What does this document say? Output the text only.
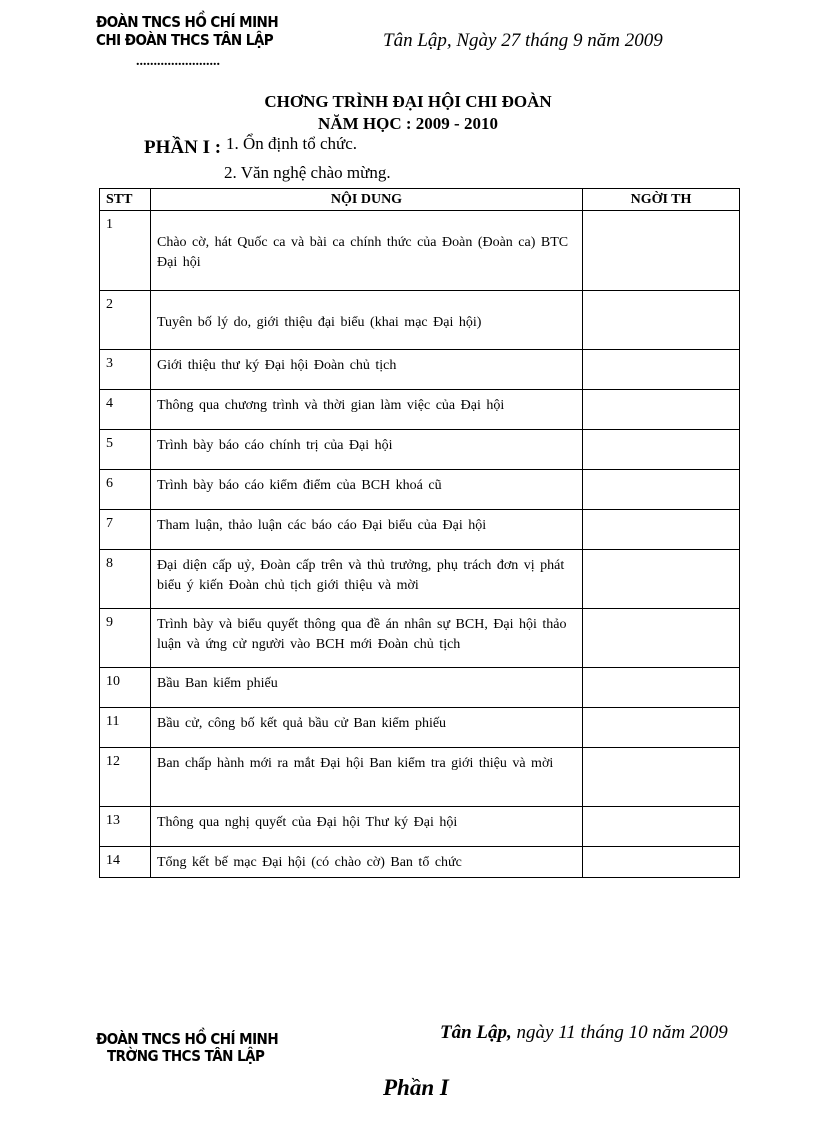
ĐOÀN TNCS HỒ CHÍ MINH
CHI ĐOÀN THCS TÂN LẬP
........................
Tân Lập, Ngày 27 tháng 9 năm 2009
CHƠNG TRÌNH ĐẠI HỘI CHI ĐOÀN
NĂM HỌC : 2009 - 2010
PHẦN I : 1. Ổn định tổ chức.
2. Văn nghệ chào mừng.
STT	NỘI DUNG	NGỜI TH
1	Chào cờ, hát Quốc ca và bài ca chính thức của Đoàn (Đoàn ca) BTC Đại hội	
2	Tuyên bố lý do, giới thiệu đại biểu (khai mạc Đại hội)	
3	Giới thiệu thư ký Đại hội Đoàn chủ tịch	
4	Thông qua chương trình và thời gian làm việc của Đại hội	
5	Trình bày báo cáo chính trị của Đại hội	
6	Trình bày báo cáo kiểm điểm của BCH khoá cũ	
7	Tham luận, thảo luận các báo cáo Đại biểu của Đại hội	
8	Đại diện cấp uỷ, Đoàn cấp trên và thủ trưởng, phụ trách đơn vị phát biểu ý kiến Đoàn chủ tịch giới thiệu và mời	
9	Trình bày và biểu quyết thông qua đề án nhân sự BCH, Đại hội thảo luận và ứng cử người vào BCH mới Đoàn chủ tịch	
10	Bầu Ban kiểm phiếu	
11	Bầu cử, công bố kết quả bầu cử Ban kiểm phiếu	
12	Ban chấp hành mới ra mắt Đại hội Ban kiểm tra giới thiệu và mời	
13	Thông qua nghị quyết của Đại hội Thư ký Đại hội	
14	Tổng kết bế mạc Đại hội (có chào cờ) Ban tổ chức	
ĐOÀN TNCS HỒ CHÍ MINH
TRỜNG THCS TÂN LẬP
Tân Lập, ngày 11 tháng 10 năm 2009
Phần I
